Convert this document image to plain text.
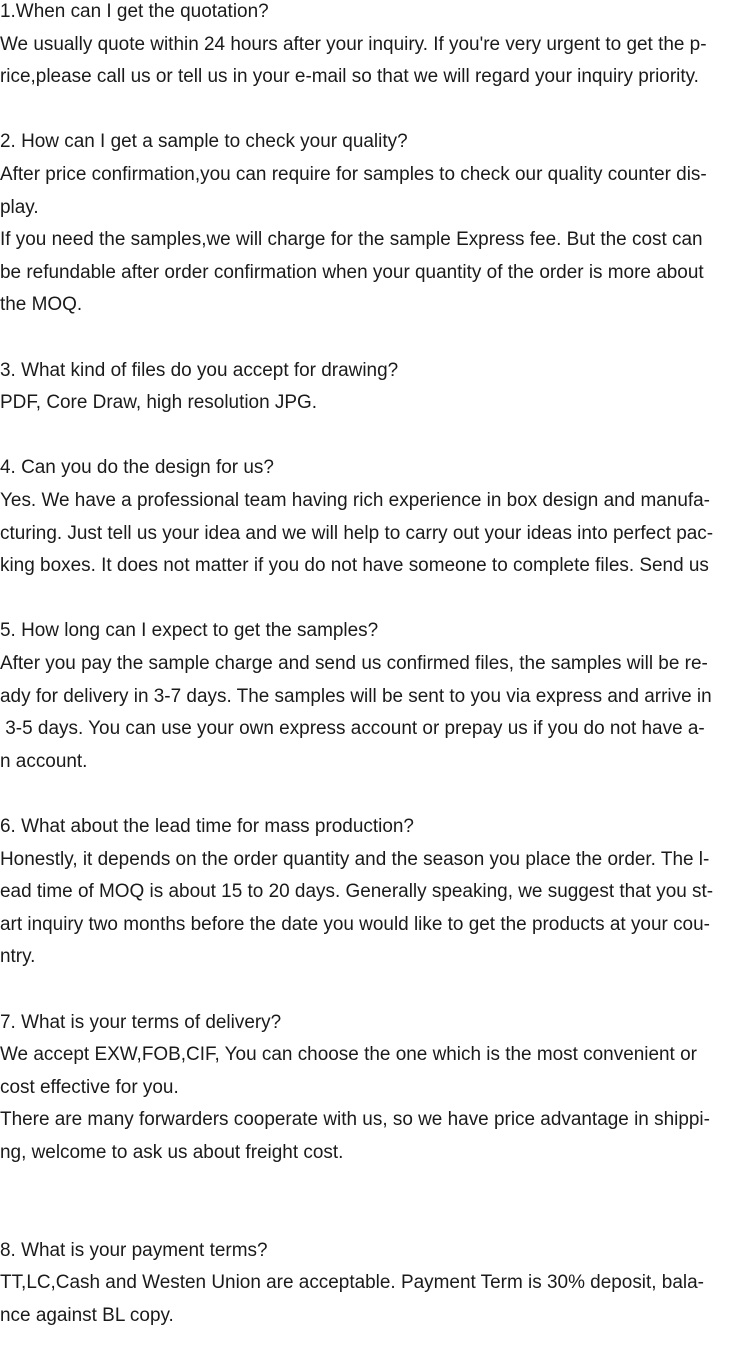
1.When can I get the quotation?
We usually quote within 24 hours after your inquiry. If you're very urgent to get the p-
rice,please call us or tell us in your e-mail so that we will regard your inquiry priority.
2. How can I get a sample to check your quality?
After price confirmation,you can require for samples to check our quality counter dis-
play.
If you need the samples,we will charge for the sample Express fee. But the cost can
be refundable after order confirmation when your quantity of the order is more about
the MOQ.
3. What kind of files do you accept for drawing?
PDF, Core Draw, high resolution JPG.
4. Can you do the design for us?
Yes. We have a professional team having rich experience in box design and manufa-
cturing. Just tell us your idea and we will help to carry out your ideas into perfect pac-
king boxes. It does not matter if you do not have someone to complete files. Send us
5. How long can I expect to get the samples?
After you pay the sample charge and send us confirmed files, the samples will be re-
ady for delivery in 3-7 days. The samples will be sent to you via express and arrive in
3-5 days. You can use your own express account or prepay us if you do not have a-
n account.
6. What about the lead time for mass production?
Honestly, it depends on the order quantity and the season you place the order. The l-
ead time of MOQ is about 15 to 20 days. Generally speaking, we suggest that you st-
art inquiry two months before the date you would like to get the products at your cou-
ntry.
7. What is your terms of delivery?
We accept EXW,FOB,CIF, You can choose the one which is the most convenient or
cost effective for you.
There are many forwarders cooperate with us, so we have price advantage in shippi-
ng, welcome to ask us about freight cost.
8. What is your payment terms?
TT,LC,Cash and Westen Union are acceptable. Payment Term is 30% deposit, bala-
nce against BL copy.
